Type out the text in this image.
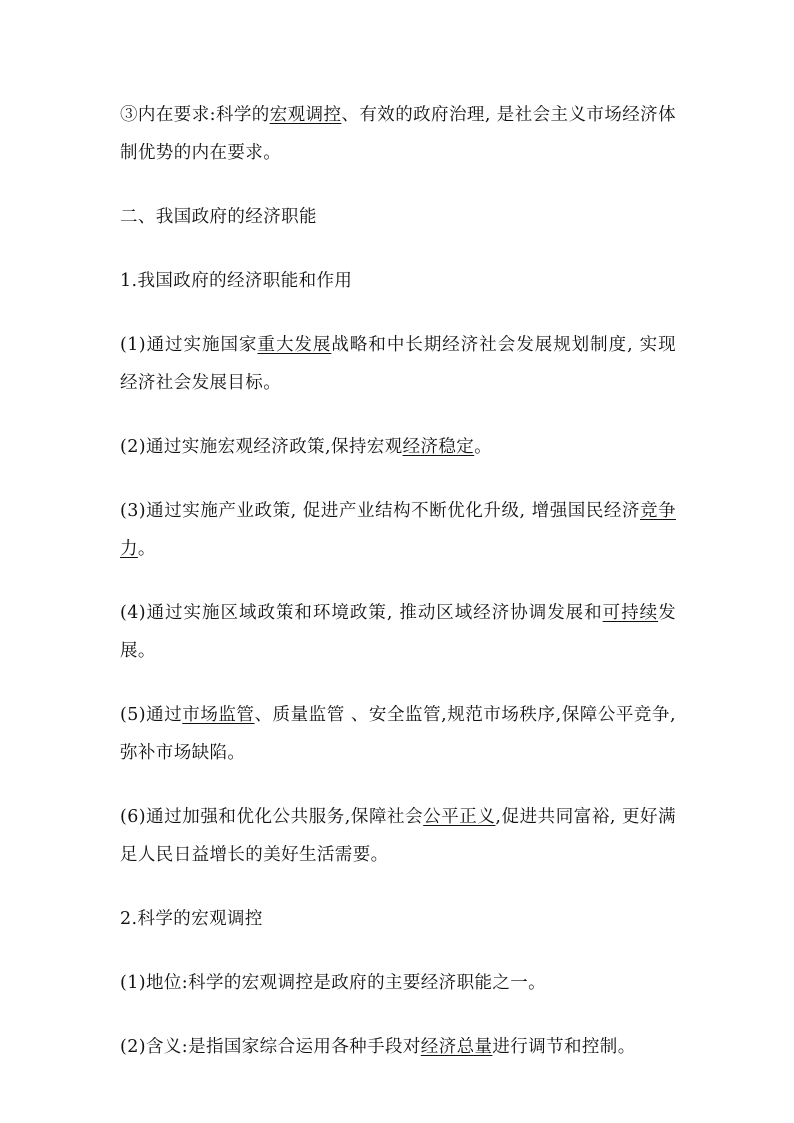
③内在要求:科学的宏观调控、有效的政府治理, 是社会主义市场经济体制优势的内在要求。

二、我国政府的经济职能

1.我国政府的经济职能和作用

(1)通过实施国家重大发展战略和中长期经济社会发展规划制度, 实现经济社会发展目标。

(2)通过实施宏观经济政策,保持宏观经济稳定。

(3)通过实施产业政策, 促进产业结构不断优化升级, 增强国民经济竞争力。

(4)通过实施区域政策和环境政策, 推动区域经济协调发展和可持续发展。

(5)通过市场监管、质量监管 、安全监管,规范市场秩序,保障公平竞争,弥补市场缺陷。

(6)通过加强和优化公共服务,保障社会公平正义,促进共同富裕, 更好满足人民日益增长的美好生活需要。

2.科学的宏观调控

(1)地位:科学的宏观调控是政府的主要经济职能之一。

(2)含义:是指国家综合运用各种手段对经济总量进行调节和控制。
